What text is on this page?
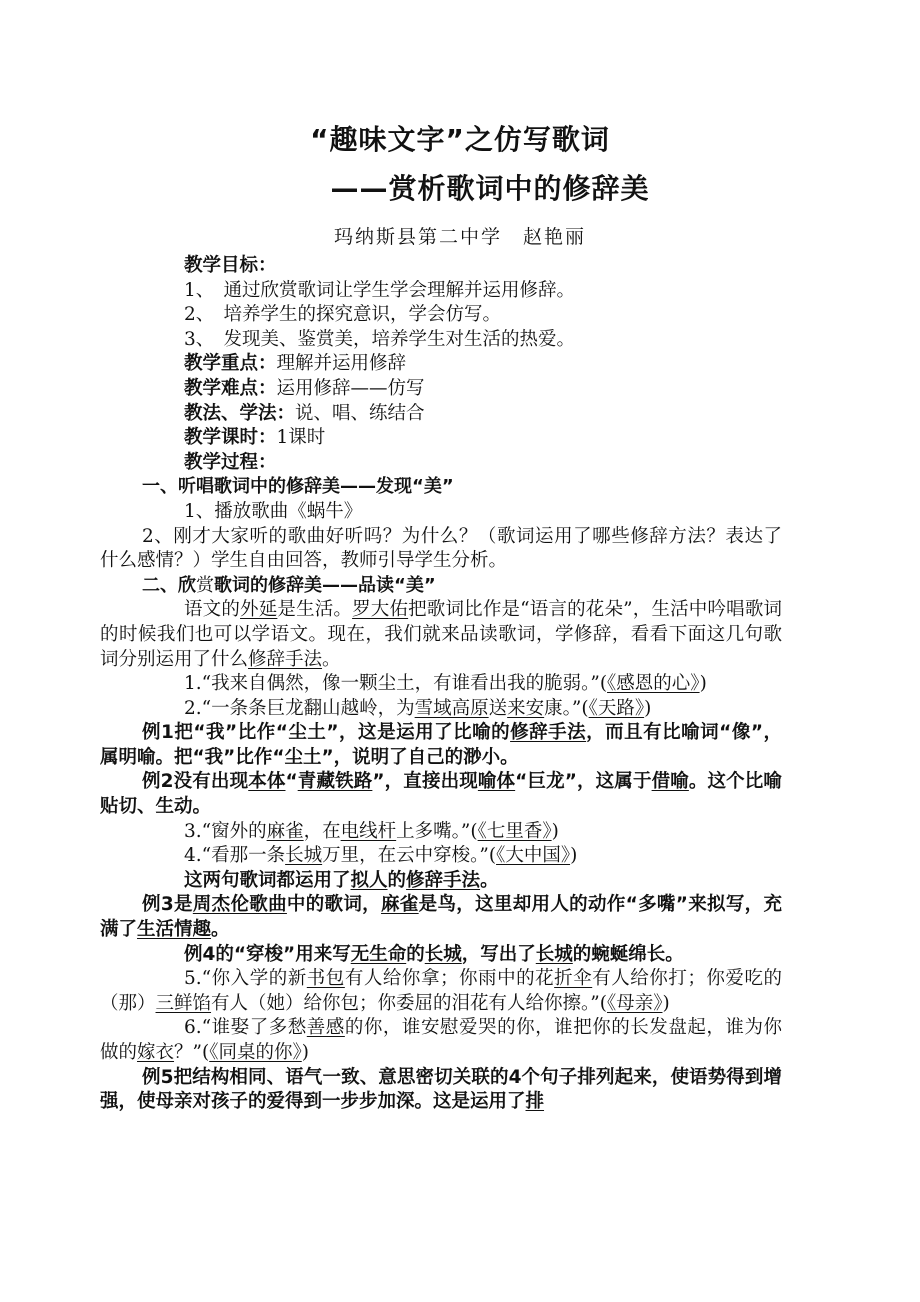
“趣味文字”之仿写歌词
——赏析歌词中的修辞美
玛纳斯县第二中学　赵艳丽

教学目标：

1、　通过欣赏歌词让学生学会理解并运用修辞。

2、　培养学生的探究意识，学会仿写。

3、　发现美、鉴赏美，培养学生对生活的热爱。

教学重点：理解并运用修辞

教学难点：运用修辞——仿写

教法、学法：说、唱、练结合

教学课时：1课时

教学过程：

一、听唱歌词中的修辞美——发现“美”

1、播放歌曲《蜗牛》

2、刚才大家听的歌曲好听吗？为什么？（歌词运用了哪些修辞方法？表达了什么感情？）学生自由回答，教师引导学生分析。

二、欣赏歌词的修辞美——品读“美”

语文的外延是生活。罗大佑把歌词比作是“语言的花朵”，生活中吟唱歌词的时候我们也可以学语文。现在，我们就来品读歌词，学修辞，看看下面这几句歌词分别运用了什么修辞手法。

1.“我来自偶然，像一颗尘土，有谁看出我的脆弱。”(《感恩的心》)

2.“一条条巨龙翻山越岭，为雪域高原送来安康。”(《天路》)

例1把“我”比作“尘土”，这是运用了比喻的修辞手法，而且有比喻词“像”，属明喻。把“我”比作“尘土”，说明了自己的渺小。

例2没有出现本体“青藏铁路”，直接出现喻体“巨龙”，这属于借喻。这个比喻贴切、生动。

3.“窗外的麻雀，在电线杆上多嘴。”(《七里香》)

4.“看那一条长城万里，在云中穿梭。”(《大中国》)

这两句歌词都运用了拟人的修辞手法。

例3是周杰伦歌曲中的歌词，麻雀是鸟，这里却用人的动作“多嘴”来拟写，充满了生活情趣。

例4的“穿梭”用来写无生命的长城，写出了长城的蜿蜒绵长。

5.“你入学的新书包有人给你拿；你雨中的花折伞有人给你打；你爱吃的（那）三鲜馅有人（她）给你包；你委屈的泪花有人给你擦。”(《母亲》)

6.“谁娶了多愁善感的你，谁安慰爱哭的你，谁把你的长发盘起，谁为你做的嫁衣？”(《同桌的你》)

例5把结构相同、语气一致、意思密切关联的4个句子排列起来，使语势得到增强，使母亲对孩子的爱得到一步步加深。这是运用了排
